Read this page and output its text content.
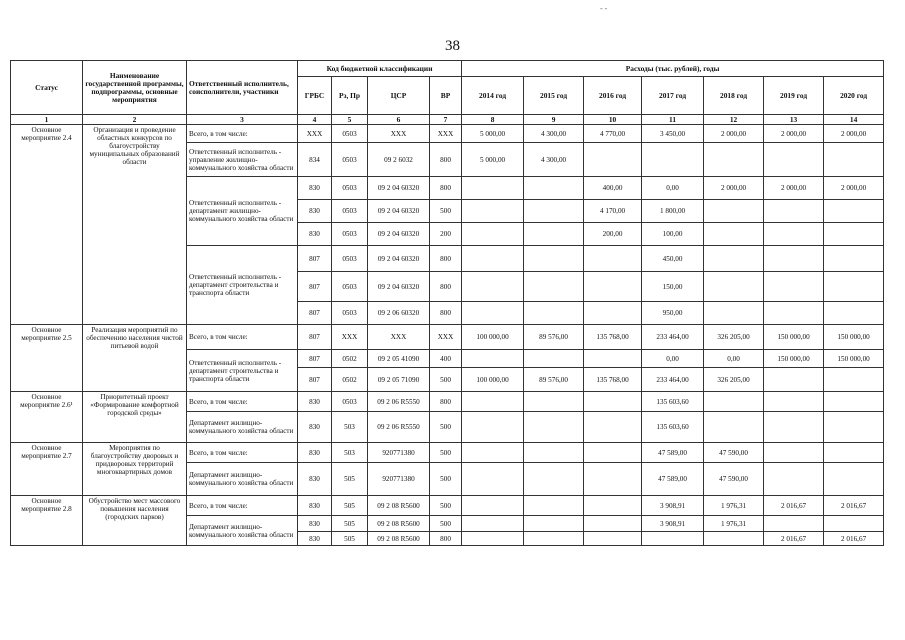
38
Статус	Наименование государственной программы, подпрограммы, основные мероприятия	Ответственный исполнитель, соисполнители, участники	Код бюджетной классификации				Расходы (тыс. рублей), годы						
			ГРБС	Рз, Пр	ЦСР	ВР	2014 год	2015 год	2016 год	2017 год	2018 год	2019 год	2020 год
1	2	3	4	5	6	7	8	9	10	11	12	13	14
Основное мероприятие 2.4	Организация и проведение областных конкурсов по благоустройству муниципальных образований области	Всего, в том числе:	ХХХ	0503	ХХХ	ХХХ	5 000,00	4 300,00	4 770,00	3 450,00	2 000,00	2 000,00	2 000,00
		Ответственный исполнитель - управление жилищно-коммунального хозяйства области	834	0503	09 2 6032	800	5 000,00	4 300,00					
		Ответственный исполнитель - департамент жилищно-коммунального хозяйства области	830	0503	09 2 04 60320	800			400,00	0,00	2 000,00	2 000,00	2 000,00
			830	0503	09 2 04 60320	500			4 170,00	1 800,00			
			830	0503	09 2 04 60320	200			200,00	100,00			
		Ответственный исполнитель - департамент строительства и транспорта области	807	0503	09 2 04 60320	800				450,00			
			807	0503	09 2 04 60320	800				150,00			
			807	0503	09 2 06 60320	800				950,00			
Основное мероприятие 2.5	Реализация мероприятий по обеспечению населения чистой питьевой водой	Всего, в том числе:	807	ХХХ	ХХХ	ХХХ	100 000,00	89 576,00	135 768,00	233 464,00	326 205,00	150 000,00	150 000,00
		Ответственный исполнитель - департамент строительства и транспорта области	807	0502	09 2 05 41090	400				0,00	0,00	150 000,00	150 000,00
			807	0502	09 2 05 71090	500	100 000,00	89 576,00	135 768,00	233 464,00	326 205,00		
Основное мероприятие 2.6¹	Приоритетный проект «Формирование комфортной городской среды»	Всего, в том числе:	830	0503	09 2 06 R5550	800				135 603,60			
		Департамент жилищно-коммунального хозяйства области	830	503	09 2 06 R5550	500				135 603,60			
Основное мероприятие 2.7	Мероприятия по благоустройству дворовых и придворовых территорий многоквартирных домов	Всего, в том числе:	830	503	920771380	500				47 589,00	47 590,00		
		Департамент жилищно-коммунального хозяйства области	830	505	920771380	500				47 589,00	47 590,00		
Основное мероприятие 2.8	Обустройство мест массового повышения населения (городских парков)	Всего, в том числе:	830	505	09 2 08 R5600	500				3 908,91	1 976,31	2 016,67	2 016,67
		Департамент жилищно-коммунального хозяйства области	830	505	09 2 08 R5600	500				3 908,91	1 976,31		
			830	505	09 2 08 R5600	800						2 016,67	2 016,67
- -
